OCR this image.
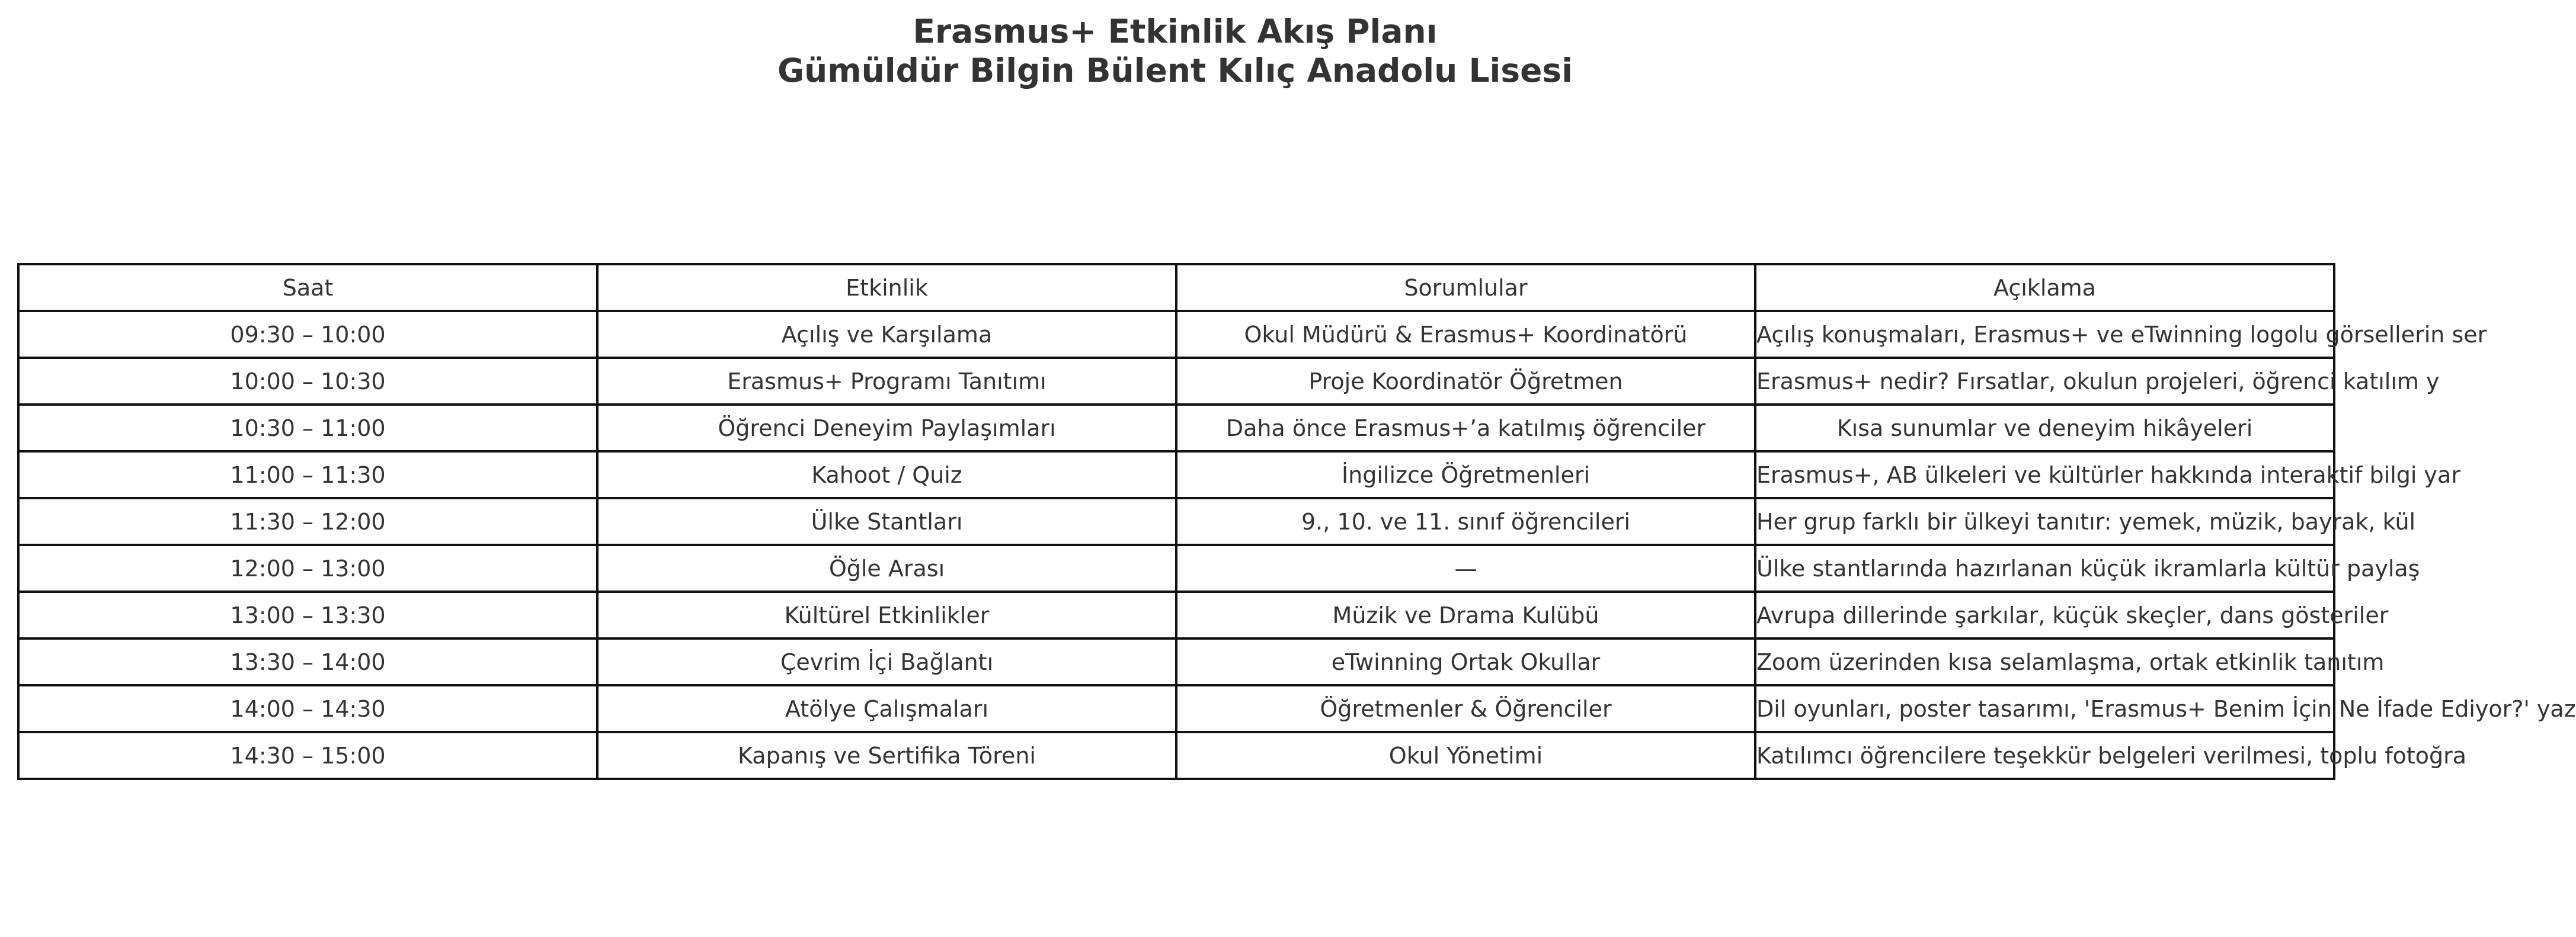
Erasmus+ Etkinlik Akış Planı
Gümüldür Bilgin Bülent Kılıç Anadolu Lisesi
Saat	Etkinlik	Sorumlular	Açıklama
09:30 – 10:00	Açılış ve Karşılama	Okul Müdürü & Erasmus+ Koordinatörü	Açılış konuşmaları, Erasmus+ ve eTwinning logolu görsellerin ser
10:00 – 10:30	Erasmus+ Programı Tanıtımı	Proje Koordinatör Öğretmen	Erasmus+ nedir? Fırsatlar, okulun projeleri, öğrenci katılım y
10:30 – 11:00	Öğrenci Deneyim Paylaşımları	Daha önce Erasmus+’a katılmış öğrenciler	Kısa sunumlar ve deneyim hikâyeleri
11:00 – 11:30	Kahoot / Quiz	İngilizce Öğretmenleri	Erasmus+, AB ülkeleri ve kültürler hakkında interaktif bilgi yar
11:30 – 12:00	Ülke Stantları	9., 10. ve 11. sınıf öğrencileri	Her grup farklı bir ülkeyi tanıtır: yemek, müzik, bayrak, kül
12:00 – 13:00	Öğle Arası	—	Ülke stantlarında hazırlanan küçük ikramlarla kültür paylaş
13:00 – 13:30	Kültürel Etkinlikler	Müzik ve Drama Kulübü	Avrupa dillerinde şarkılar, küçük skeçler, dans gösteriler
13:30 – 14:00	Çevrim İçi Bağlantı	eTwinning Ortak Okullar	Zoom üzerinden kısa selamlaşma, ortak etkinlik tanıtım
14:00 – 14:30	Atölye Çalışmaları	Öğretmenler & Öğrenciler	Dil oyunları, poster tasarımı, 'Erasmus+ Benim İçin Ne İfade Ediyor?' yaz
14:30 – 15:00	Kapanış ve Sertifika Töreni	Okul Yönetimi	Katılımcı öğrencilere teşekkür belgeleri verilmesi, toplu fotoğra
